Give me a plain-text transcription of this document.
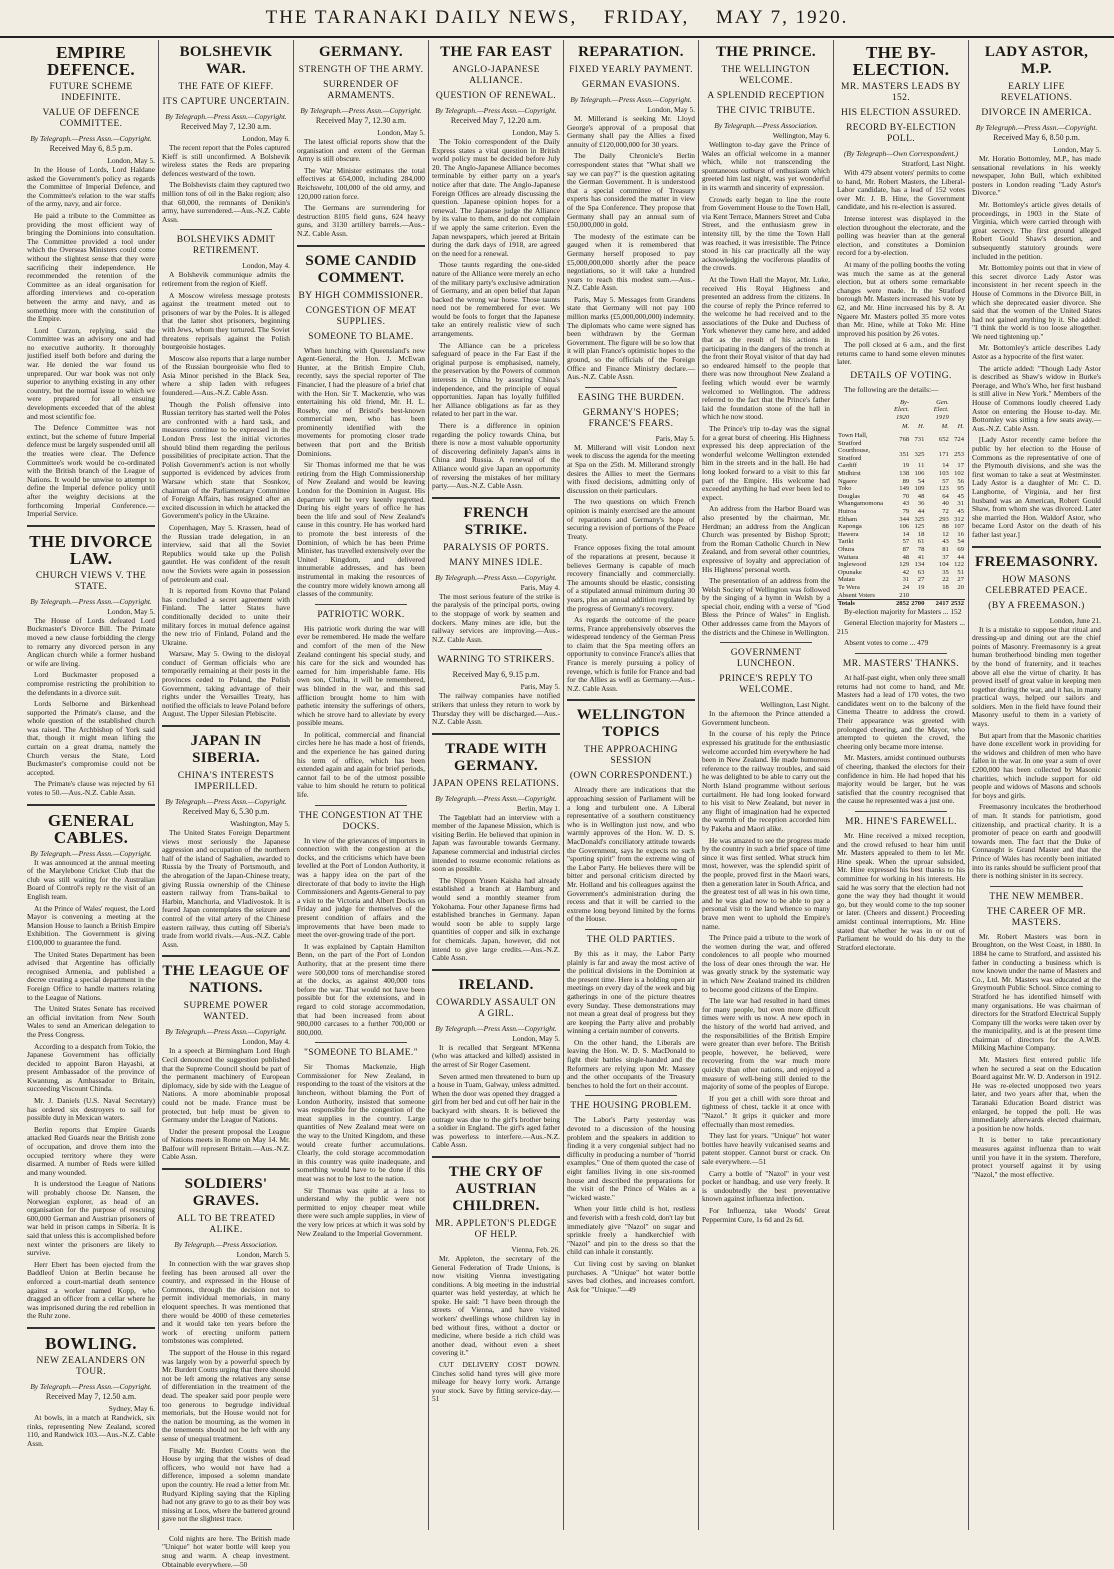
THE TARANAKI DAILY NEWS, FRIDAY, MAY 7, 1920.
EMPIRE DEFENCE.
FUTURE SCHEME INDEFINITE.
VALUE OF DEFENCE COMMITTEE.
By Telegraph.—Press Assn.—Copyright.
Received May 6, 8.5 p.m.
London, May 5.

In the House of Lords, Lord Haldane asked the Government's policy as regards the Committee of Imperial Defence, and the Committee's relation to the war staffs of the army, navy, and air force.

He paid a tribute to the Committee as providing the most efficient way of bringing the Dominions into consultation. The Committee provided a tool under which the Overseas Ministers could come without the slightest sense that they were sacrificing their independence. He recommended the retention of the Committee as an ideal organisation for affording interviews and co-operation between the army and navy, and as something more with the constitution of the Empire.

Lord Curzon, replying, said the Committee was an advisory one and had no executive authority. It thoroughly justified itself both before and during the war. He denied the war found us unprepared. Our war book was not only superior to anything existing in any other country, but the normal issue to which we were prepared for all ensuing developments exceeded that of the ablest and most scientific foe.

The Defence Committee was not extinct, but the scheme of future Imperial defence must be largely suspended until all the treaties were clear. The Defence Committee's work would be co-ordinated with the British branch of the League of Nations. It would be unwise to attempt to define the Imperial defence policy until after the weighty decisions at the forthcoming Imperial Conference.—Imperial Service.

THE DIVORCE LAW.
CHURCH VIEWS V. THE STATE.
By Telegraph.—Press Assn.—Copyright.
London, May 5.

The House of Lords defeated Lord Buckmaster's Divorce Bill. The Primate moved a new clause forbidding the clergy to remarry any divorced person in any Anglican church while a former husband or wife are living.

Lord Buckmaster proposed a compromise restricting the prohibition to the defendants in a divorce suit.

Lords Selborne and Birkenhead supported the Primate's clause, and the whole question of the established church was raised. The Archbishop of York said that, though it might mean lifting the curtain on a great drama, namely the Church versus the State, Lord Buckmaster's compromise could not be accepted.

The Primate's clause was rejected by 61 votes to 50.—Aus.-N.Z. Cable Assn.

GENERAL CABLES.
By Telegraph.—Press Assn.—Copyright.

It was announced at the annual meeting of the Marylebone Cricket Club that the club was still waiting for the Australian Board of Control's reply re the visit of an English team.

At the Prince of Wales' request, the Lord Mayor is convening a meeting at the Mansion House to launch a British Empire Exhibition. The Government is giving £100,000 to guarantee the fund.

The United States Department has been advised that Argentine has officially recognised Armenia, and published a decree creating a special department in the Foreign Office to handle matters relating to the League of Nations.

The United States Senate has received an official invitation from New South Wales to send an American delegation to the Press Congress.

According to a despatch from Tokio, the Japanese Government has officially decided to appoint Baron Hayashi, at present Ambassador of the province of Kwantung, as Ambassador to Britain, succeeding Viscount Chinda.

Mr. J. Daniels (U.S. Naval Secretary) has ordered six destroyers to sail for possible duty in Mexican waters.

Berlin reports that Empire Guards attacked Red Guards near the British zone of occupation, and drove them into the occupied territory where they were disarmed. A number of Reds were killed and many wounded.

It is understood the League of Nations will probably choose Dr. Nansen, the Norwegian explorer, as head of an organisation for the purpose of rescuing 600,000 German and Austrian prisoners of war held in prison camps in Siberia. It is said that unless this is accomplished before next winter the prisoners are likely to survive.

Herr Ebert has been ejected from the Baddleof Union at Berlin because he enforced a court-martial death sentence against a worker named Kopp, who dragged an officer from a cellar where he was imprisoned during the red rebellion in the Ruhr zone.

BOWLING.
NEW ZEALANDERS ON TOUR.
By Telegraph.—Press Assn.—Copyright.
Received May 7, 12.50 a.m.
Sydney, May 6.

At bowls, in a match at Randwick, six rinks, representing New Zealand, scored 110, and Randwick 103.—Aus.-N.Z. Cable Assn.

BOLSHEVIK WAR.
THE FATE OF KIEFF.
ITS CAPTURE UNCERTAIN.
By Telegraph.—Press Assn.—Copyright.
Received May 7, 12.30 a.m.
London, May 6.

The recent report that the Poles captured Kieff is still unconfirmed. A Bolshevik wireless states the Reds are preparing defences westward of the town.

The Bolshevists claim they captured two million tons of oil in the Baku region; also that 60,000, the remnants of Denikin's army, have surrendered.—Aus.-N.Z. Cable Assn.

BOLSHEVIKS ADMIT RETIREMENT.
London, May 4.

A Bolshevik communique admits the retirement from the region of Kieff.

A Moscow wireless message protests against the treatment meted out to prisoners of war by the Poles. It is alleged that the latter shot prisoners, beginning with Jews, whom they tortured. The Soviet threatens reprisals against the Polish bourgeoisie hostages.

Moscow also reports that a large number of the Russian bourgeoisie who fled to Asia Minor perished in the Black Sea, where a ship laden with refugees foundered.—Aus.-N.Z. Cable Assn.

Though the Polish offensive into Russian territory has started well the Poles are confronted with a hard task, and measures continue to be expressed in the London Press lest the initial victories should blind them regarding the perilous possibilities of precipitate action. That the Polish Government's action is not wholly supported is evidenced by advices from Warsaw which state that Sosnkov, chairman of the Parliamentary Committee of Foreign Affairs, has resigned after an excited discussion in which he attacked the Government's policy in the Ukraine.

Copenhagen, May 5. Krassen, head of the Russian trade delegation, in an interview, said that all the Soviet Republics would take up the Polish gauntlet. He was confident of the result now the Soviets were again in possession of petroleum and coal.

It is reported from Kovno that Poland has concluded a secret agreement with Finland. The latter States have conditionally decided to unite their military forces in mutual defence against the new trio of Finland, Poland and the Ukraine.

Warsaw, May 5. Owing to the disloyal conduct of German officials who are temporarily remaining at their posts in the provinces ceded to Poland, the Polish Government, taking advantage of their rights under the Versailles Treaty, has notified the officials to leave Poland before August. The Upper Silesian Plebiscite.

JAPAN IN SIBERIA.
CHINA'S INTERESTS IMPERILLED.
By Telegraph.—Press Assn.—Copyright.
Received May 6, 5.30 p.m.
Washington, May 5.

The United States Foreign Department views most seriously the Japanese aggression and occupation of the northern half of the island of Saghalien, awarded to Russia by the Treaty of Portsmouth, and the abrogation of the Japan-Chinese treaty, giving Russia ownership of the Chinese eastern railway from Trans-baikal to Harbin, Manchuria, and Vladivostok. It is feared Japan contemplates the seizure and control of the vital artery of the Chinese eastern railway, thus cutting off Siberia's trade from world rivals.—Aus.-N.Z. Cable Assn.

THE LEAGUE OF NATIONS.
SUPREME POWER WANTED.
By Telegraph.—Press Assn.—Copyright.
London, May 4.

In a speech at Birmingham Lord Hugh Cecil denounced the suggestion published that the Supreme Council should be part of the permanent machinery of European diplomacy, side by side with the League of Nations. A more abominable proposal could not be made. France must be protected, but help must be given to Germany under the League of Nations.

Under the present proposal the League of Nations meets in Rome on May 14. Mr. Balfour will represent Britain.—Aus.-N.Z. Cable Assn.

SOLDIERS' GRAVES.
ALL TO BE TREATED ALIKE.
By Telegraph.—Press Association.
London, March 5.

In connection with the war graves shop feeling has been aroused all over the country, and expressed in the House of Commons, through the decision not to permit individual memorials, in many eloquent speeches. It was mentioned that there would be 4000 of these cemeteries and it would take ten years before the work of erecting uniform pattern tombstones was completed.

The support of the House in this regard was largely won by a powerful speech by Mr. Burdett Coutts urging that there should not be left among the relatives any sense of differentiation in the treatment of the dead. The speaker said poor people were too generous to begrudge individual memorials, but the House would not for the nation be mourning, as the women in the tenements should not be left with any sense of unequal treatment.

Finally Mr. Burdett Coutts won the House by urging that the wishes of dead officers, who would not have had a difference, imposed a solemn mandate upon the country. He read a letter from Mr. Rudyard Kipling saying that the Kipling had not any grave to go to as their boy was missing at Loos, where the battered ground gave not the slightest trace.

Cold nights are here. The British made "Unique" hot water bottle will keep you snug and warm. A cheap investment. Obtainable everywhere.—50

GERMANY.
STRENGTH OF THE ARMY.
SURRENDER OF ARMAMENTS.
By Telegraph.—Press Assn.—Copyright.
Received May 7, 12.30 a.m.
London, May 5.

The latest official reports show that the organisation and extent of the German Army is still obscure.

The War Minister estimates the total effectives at 654,000, including 284,000 Reichswehr, 100,000 of the old army, and 120,000 ration force.

The Germans are surrendering for destruction 8105 field guns, 624 heavy guns, and 3130 artillery barrels.—Aus.-N.Z. Cable Assn.

SOME CANDID COMMENT.
BY HIGH COMMISSIONER.
CONGESTION OF MEAT SUPPLIES.
SOMEONE TO BLAME.

When lunching with Queensland's new Agent-General, the Hon. J. McEwan Hunter, at the British Empire Club, recently, says the special reporter of The Financier, I had the pleasure of a brief chat with the Hon. Sir T. Mackenzie, who was entertaining his old friend, Mr. H. L. Roseby, one of Bristol's best-known commercial men, who has been prominently identified with the movements for promoting closer trade between that port and the British Dominions.

Sir Thomas informed me that he was retiring from the High Commissionership of New Zealand and would be leaving London for the Dominion in August. His departure will be very keenly regretted. During his eight years of office he has been the life and soul of New Zealand's cause in this country. He has worked hard to promote the best interests of the Dominion, of which he has been Prime Minister, has travelled extensively over the United Kingdom, and delivered innumerable addresses, and has been instrumental in making the resources of the country more widely known among all classes of the community.

PATRIOTIC WORK.

His patriotic work during the war will ever be remembered. He made the welfare and comfort of the men of the New Zealand contingent his special study, and his care for the sick and wounded has earned for him imperishable fame. His own son, Clutha, it will be remembered, was blinded in the war, and this sad affliction brought home to him with pathetic intensity the sufferings of others, which he strove hard to alleviate by every possible means.

In political, commercial and financial circles here he has made a host of friends, and the experience he has gained during his term of office, which has been extended again and again for brief periods, cannot fail to be of the utmost possible value to him should he return to political life.

THE CONGESTION AT THE DOCKS.

In view of the grievances of importers in connection with the congestion at the docks, and the criticisms which have been levelled at the Port of London Authority, it was a happy idea on the part of the directorate of that body to invite the High Commissioners and Agents-General to pay a visit to the Victoria and Albert Docks on Friday and judge for themselves of the present condition of affairs and the improvements that have been made to meet the over-growing trade of the port.

It was explained by Captain Hamilton Benn, on the part of the Port of London Authority, that at the present time there were 500,000 tons of merchandise stored at the docks, as against 400,000 tons before the war. That would not have been possible but for the extensions, and in regard to cold storage accommodation, that had been increased from about 980,000 carcases to a further 700,000 or 800,000.

"SOMEONE TO BLAME."

Sir Thomas Mackenzie, High Commissioner for New Zealand, in responding to the toast of the visitors at the luncheon, without blaming the Port of London Authority, insisted that someone was responsible for the congestion of the meat supplies in the country. Large quantities of New Zealand meat were on the way to the United Kingdom, and these would create further accumulations. Clearly, the cold storage accommodation in this country was quite inadequate, and something would have to be done if this meat was not to be lost to the nation.

Sir Thomas was quite at a loss to understand why the public were not permitted to enjoy cheaper meat while there were such ample supplies, in view of the very low prices at which it was sold by New Zealand to the Imperial Government.

THE FAR EAST
ANGLO-JAPANESE ALLIANCE.
QUESTION OF RENEWAL.
By Telegraph.—Press Assn.—Copyright.
Received May 7, 12.20 a.m.
London, May 5.

The Tokio correspondent of the Daily Express states a vital question in British world policy must be decided before July 20. The Anglo-Japanese Alliance becomes terminable by either party on a year's notice after that date. The Anglo-Japanese Foreign Offices are already discussing the question. Japanese opinion hopes for a renewal. The Japanese judge the Alliance by its value to them, and do not complain if we apply the same criterion. Even the Japan newspapers, which jeered at Britain during the dark days of 1918, are agreed on the need for a renewal.

Those taunts regarding the one-sided nature of the Alliance were merely an echo of the military party's exclusive admiration of Germany, and an open belief that Japan backed the wrong war horse. Those taunts need not be remembered for ever. We would be fools to forget that the Japanese take an entirely realistic view of such arrangements.

The Alliance can be a priceless safeguard of peace in the Far East if the original purpose is emphasised, namely, the preservation by the Powers of common interests in China by assuring China's independence, and the principle of equal opportunities. Japan has loyally fulfilled her Alliance obligations as far as they related to her part in the war.

There is a difference in opinion regarding the policy towards China, but there is now a most valuable opportunity of discovering definitely Japan's aims in China and Russia. A renewal of the Alliance would give Japan an opportunity of reversing the mistakes of her military party.—Aus.-N.Z. Cable Assn.

FRENCH STRIKE.
PARALYSIS OF PORTS.
MANY MINES IDLE.
By Telegraph.—Press Assn.—Copyright.
Paris, May 4.

The most serious feature of the strike is the paralysis of the principal ports, owing to the stoppage of work by seamen and dockers. Many mines are idle, but the railway services are improving.—Aus.-N.Z. Cable Assn.

WARNING TO STRIKERS.
Received May 6, 9.15 p.m.
Paris, May 5.

The railway companies have notified strikers that unless they return to work by Thursday they will be discharged.—Aus.-N.Z. Cable Assn.

TRADE WITH GERMANY.
JAPAN OPENS RELATIONS.
By Telegraph.—Press Assn.—Copyright.
Berlin, May 1.

The Tageblatt had an interview with a member of the Japanese Mission, which is visiting Berlin. He believed that opinion in Japan was favourable towards Germany. Japanese commercial and industrial circles intended to resume economic relations as soon as possible.

The Nippon Yusen Kaisha had already established a branch at Hamburg and would send a monthly steamer from Yokohama. Four other Japanese firms had established branches in Germany. Japan would soon be able to supply large quantities of copper and silk in exchange for chemicals. Japan, however, did not intend to give large credits.—Aus.-N.Z. Cable Assn.

IRELAND.
COWARDLY ASSAULT ON A GIRL.
By Telegraph.—Press Assn.—Copyright.
London, May 5.

It is recalled that Sergeant M'Kenna (who was attacked and killed) assisted in the arrest of Sir Roger Casement.

Seven armed men threatened to burn up a house in Tuam, Galway, unless admitted. When the door was opened they dragged a girl from her bed and cut off her hair in the backyard with shears. It is believed the outrage was due to the girl's brother being a soldier in England. The girl's aged father was powerless to interfere.—Aus.-N.Z. Cable Assn.

THE CRY OF AUSTRIAN CHILDREN.
MR. APPLETON'S PLEDGE OF HELP.
Vienna, Feb. 26.

Mr. Appleton, the secretary of the General Federation of Trade Unions, is now visiting Vienna investigating conditions. A big meeting in the industrial quarter was held yesterday, at which he spoke. He said: "I have been through the streets of Vienna, and have visited workers' dwellings whose children lay in bed without fires, without a doctor or medicine, where beside a rich child was another dead, without even a sheet covering it."

CUT DELIVERY COST DOWN. Cinches solid hand tyres will give more mileage for heavy lorry work. Arrange your stock. Save by fitting service-day.—51

REPARATION.
FIXED YEARLY PAYMENT.
GERMAN EVASIONS.
By Telegraph.—Press Assn.—Copyright.
London, May 5.

M. Millerand is seeking Mr. Lloyd George's approval of a proposal that Germany shall pay the Allies a fixed annuity of £120,000,000 for 30 years.

The Daily Chronicle's Berlin correspondent states that "What shall we say we can pay?" is the question agitating the German Government. It is understood that a special committee of Treasury experts has considered the matter in view of the Spa Conference. They propose that Germany shall pay an annual sum of £50,000,000 in gold.

The modesty of the estimate can be gauged when it is remembered that Germany herself proposed to pay £5,000,000,000 shortly after the peace negotiations, so it will take a hundred years to reach this modest sum.—Aus.-N.Z. Cable Assn.

Paris, May 5. Messages from Grandens state that Germany will not pay 100 million marks (£5,000,000,000) indemnity. The diplomats who came were signed has been withdrawn by the German Government. The figure will be so low that it will plan France's optimistic hopes to the ground, so the officials of the Foreign Office and Finance Ministry declare.—Aus.-N.Z. Cable Assn.

EASING THE BURDEN.
GERMANY'S HOPES; FRANCE'S FEARS.
Paris, May 5.

M. Millerand will visit London next week to discuss the agenda for the meeting at Spa on the 25th. M. Millerand strongly desires the Allies to meet the Germans with fixed decisions, admitting only of discussion on their particulars.

The two questions on which French opinion is mainly exercised are the amount of reparations and Germany's hope of securing a revision of portions of the Peace Treaty.

France opposes fixing the total amount of the reparations at present, because it believes Germany is capable of much recovery financially and commercially. The amounts should be elastic, consisting of a stipulated annual minimum during 30 years, plus an annual addition regulated by the progress of Germany's recovery.

As regards the outcome of the peace terms, France apprehensively observes the widespread tendency of the German Press to claim that the Spa meeting offers an opportunity to convince France's allies that France is merely pursuing a policy of revenge, which is futile for France and bad for the Allies as well as Germany.—Aus.-N.Z. Cable Assn.

WELLINGTON TOPICS
THE APPROACHING SESSION
(OWN CORRESPONDENT.)

Already there are indications that the approaching session of Parliament will be a long and turbulent one. A Liberal representative of a southern constituency who is in Wellington just now, and who warmly approves of the Hon. W. D. S. MacDonald's conciliatory attitude towards the Government, says he expects no such "sporting spirit" from the extreme wing of the Labor Party. He believes there will be bitter and personal criticism directed by Mr. Holland and his colleagues against the Government's administration during the recess and that it will be carried to the extreme long beyond limited by the forms of the House.

THE OLD PARTIES.

By this as it may, the Labor Party plainly is far and away the most active of the political divisions in the Dominion at the present time. Here is a holding open air meetings on every day of the week and big gatherings in one of the picture theatres every Sunday. These demonstrations may not mean a great deal of progress but they are keeping the Party alive and probably winning a certain number of converts.

On the other hand, the Liberals are leaving the Hon. W. D. S. MacDonald to fight their battles single-handed and the Reformers are relying upon Mr. Massey and the other occupants of the Treasury benches to hold the fort on their account.

THE HOUSING PROBLEM.

The Labor's Party yesterday was devoted to a discussion of the housing problem and the speakers in addition to finding it a very congenial subject had no difficulty in producing a number of "horrid examples." One of them quoted the case of eight families living in one six-roomed house and described the preparations for the visit of the Prince of Wales as a "wicked waste."

When your little child is hot, restless and feverish with a fresh cold, don't lay but immediately give "Nazol" on sugar and sprinkle freely a handkerchief with "Nazol" and pin to the dress so that the child can inhale it constantly.

Cut living cost by saving on blanket purchases. A "Unique" hot water bottle saves bad clothes, and increases comfort. Ask for "Unique."—49

THE PRINCE.
THE WELLINGTON WELCOME.
A SPLENDID RECEPTION
THE CIVIC TRIBUTE.
By Telegraph.—Press Association.
Wellington, May 6.

Wellington to-day gave the Prince of Wales an official welcome in a manner which, while not transcending the spontaneous outburst of enthusiasm which greeted him last night, was yet wonderful in its warmth and sincerity of expression.

Crowds early began to line the route from Government House to the Town Hall, via Kent Terrace, Manners Street and Cuba Street, and the enthusiasm grew in intensity till, by the time the Town Hall was reached, it was irresistible. The Prince stood in his car practically all the way acknowledging the vociferous plaudits of the crowds.

At the Town Hall the Mayor, Mr. Luke, received His Royal Highness and presented an address from the citizens. In the course of reply the Prince referred to the welcome he had received and to the associations of the Duke and Duchess of York whenever they came here, and added that as the result of his actions in participating in the dangers of the trench at the front their Royal visitor of that day had so endeared himself to the people that there was now throughout New Zealand a feeling which would ever be warmly welcomed to Wellington. The address referred to the fact that the Prince's father laid the foundation stone of the hall in which he now stood.

The Prince's trip to-day was the signal for a great burst of cheering. His Highness expressed his deep appreciation of the wonderful welcome Wellington extended him in the streets and in the hall. He had long looked forward to a visit to this far part of the Empire. His welcome had exceeded anything he had ever been led to expect.

An address from the Harbor Board was also presented by the chairman, Mr. Herdman; an address from the Anglican Church was presented by Bishop Sprott; from the Roman Catholic Church in New Zealand, and from several other countries, expressive of loyalty and appreciation of His Highness' personal worth.

The presentation of an address from the Welsh Society of Wellington was followed by the singing of a hymn in Welsh by a special choir, ending with a verse of "God Bless the Prince of Wales" in English. Other addresses came from the Mayors of the districts and the Chinese in Wellington.

GOVERNMENT LUNCHEON.
PRINCE'S REPLY TO WELCOME.
Wellington, Last Night.

In the afternoon the Prince attended a Government luncheon.

In the course of his reply the Prince expressed his gratitude for the enthusiastic welcome accorded him everywhere he had been in New Zealand. He made humorous reference to the railway troubles, and said he was delighted to be able to carry out the North Island programme without serious curtailment. He had long looked forward to his visit to New Zealand, but never in any flight of imagination had he expected the warmth of the reception accorded him by Pakeha and Maori alike.

He was amazed to see the progress made by the country in such a brief space of time since it was first settled. What struck him most, however, was the splendid spirit of the people, proved first in the Maori wars, then a generation later in South Africa, and the greatest test of all was in his own time, and he was glad now to be able to pay a personal visit to the land whence so many brave men went to uphold the Empire's name.

The Prince paid a tribute to the work of the women during the war, and offered condolences to all people who mourned the loss of dear ones through the war. He was greatly struck by the systematic way in which New Zealand trained its children to become good citizens of the Empire.

The late war had resulted in hard times for many people, but even more difficult times were with us now. A new epoch in the history of the world had arrived, and the responsibilities of the British Empire were greater than ever before. The British people, however, he believed, were recovering from the war much more quickly than other nations, and enjoyed a measure of well-being still denied to the majority of some of the peoples of Europe.

If you get a chill with sore throat and tightness of chest, tackle it at once with "Nazol." It grips it quicker and more effectually than most remedies.

They last for years. "Unique" hot water bottles have heavily vulcanised seams and patent stopper. Cannot burst or crack. On sale everywhere.—51

Carry a bottle of "Nazol" in your vest pocket or handbag, and use very freely. It is undoubtedly the best preventative known against influenza infection.

For Influenza, take Woods' Great Peppermint Cure, 1s 6d and 2s 6d.

THE BY-ELECTION.
MR. MASTERS LEADS BY 152.
HIS ELECTION ASSURED.
RECORD BY-ELECTION POLL.
(By Telegraph—Own Correspondent.)
Stratford, Last Night.

With 479 absent voters' permits to come to hand, Mr. Robert Masters, the Liberal-Labor candidate, has a lead of 152 votes over Mr. J. B. Hine, the Government candidate, and his re-election is assured.

Intense interest was displayed in the election throughout the electorate, and the polling was heavier than at the general election, and constitutes a Dominion record for a by-election.

At many of the polling booths the voting was much the same as at the general election, but at others some remarkable changes were made. In the Stratford borough Mr. Masters increased his vote by 62, and Mr. Hine increased his by 8. At Ngaere Mr. Masters polled 35 more votes than Mr. Hine, while at Toko Mr. Hine improved his position by 26 votes.

The poll closed at 6 a.m., and the first returns came to hand some eleven minutes later.

DETAILS OF VOTING.

The following are the details:—

	By-Elect. 1920		Gen. Elect. 1919	
	M.	H.	M.	H.
Town Hall, Stratford	768	731	652	724
Courthouse, Stratford	351	325	171	253
Cardiff	19	11	14	17
Midhirst	138	106	103	102
Ngaere	89	54	57	56
Toko	149	109	123	95
Douglas	70	48	64	45
Whangamomona	43	36	40	31
Huiroa	79	44	72	45
Eltham	344	325	293	312
Kaponga	106	125	88	107
Hawera	14	18	12	16
Tariki	57	61	43	54
Ohura	87	78	81	69
Waitara	48	41	37	44
Inglewood	129	134	104	122
Opunake	42	63	35	51
Matau	31	27	22	27
Te Wera	24	19	18	20
Absent Voters	210			
Totals	2852	2700	2417	2532

By-election majority for Masters ... 152

General Election majority for Masters ... 215

Absent votes to come ... 479

MR. MASTERS' THANKS.

At half-past eight, when only three small returns had not come to hand, and Mr. Masters had a lead of 170 votes, the two candidates went on to the balcony of the Cinema Theatre to address the crowd. Their appearance was greeted with prolonged cheering, and the Mayor, who attempted to quieten the crowd, the cheering only became more intense.

Mr. Masters, amidst continued outbursts of cheering, thanked the electors for their confidence in him. He had hoped that his majority would be larger, but he was satisfied that the country recognised that the cause he represented was a just one.

MR. HINE'S FAREWELL.

Mr. Hine received a mixed reception, and the crowd refused to hear him until Mr. Masters appealed to them to let Mr. Hine speak. When the uproar subsided, Mr. Hine expressed his best thanks to his committee for working in his interests. He said he was sorry that the election had not gone the way they had thought it would go, but they would come to the top sooner or later. (Cheers and dissent.) Proceeding amidst continual interruptions, Mr. Hine stated that whether he was in or out of Parliament he would do his duty to the Stratford electorate.

LADY ASTOR, M.P.
EARLY LIFE REVELATIONS.
DIVORCE IN AMERICA.
By Telegraph.—Press Assn.—Copyright.
Received May 6, 8.50 p.m.
London, May 5.

Mr. Horatio Bottomley, M.P., has made sensational revelations in his weekly newspaper, John Bull, which exhibited posters in London reading "Lady Astor's Divorce."

Mr. Bottomley's article gives details of proceedings, in 1903 in the State of Virginia, which were carried through with great secrecy. The first ground alleged Robert Gould Shaw's desertion, and subsequently statutory grounds were included in the petition.

Mr. Bottomley points out that in view of this secret divorce Lady Astor was inconsistent in her recent speech in the House of Commons in the Divorce Bill, in which she deprecated easier divorce. She said that the women of the United States had not gained anything by it. She added: "I think the world is too loose altogether. We need tightening up."

Mr. Bottomley's article describes Lady Astor as a hypocrite of the first water.

The article added: "Though Lady Astor is described as Shaw's widow in Burke's Peerage, and Who's Who, her first husband is still alive in New York." Members of the House of Commons loudly cheered Lady Astor on entering the House to-day. Mr. Bottomley was sitting a few seats away.—Aus.-N.Z. Cable Assn.

[Lady Astor recently came before the public by her election to the House of Commons as the representative of one of the Plymouth divisions, and she was the first woman to take a seat at Westminster. Lady Astor is a daughter of Mr. C. D. Langhorne, of Virginia, and her first husband was an American, Robert Gould Shaw, from whom she was divorced. Later she married the Hon. Waldorf Astor, who became Lord Astor on the death of his father last year.]

FREEMASONRY.
HOW MASONS CELEBRATED PEACE.
(BY A FREEMASON.)
London, June 21.

It is a mistake to suppose that ritual and dressing-up and dining out are the chief points of Masonry. Freemasonry is a great human brotherhood binding men together by the bond of fraternity, and it teaches above all else the virtue of charity. It has proved itself of great value in keeping men together during the war, and it has, in many practical ways, helped our sailors and soldiers. Men in the field have found their Masonry useful to them in a variety of ways.

But apart from that the Masonic charities have done excellent work in providing for the widows and children of men who have fallen in the war. In one year a sum of over £200,000 has been collected by Masonic charities, which include support for old people and widows of Masons and schools for boys and girls.

Freemasonry inculcates the brotherhood of man. It stands for patriotism, good citizenship, and practical charity. It is a promoter of peace on earth and goodwill towards men. The fact that the Duke of Connaught is Grand Master and that the Prince of Wales has recently been initiated into its ranks should be sufficient proof that there is nothing sinister in its secrecy.

THE NEW MEMBER.
THE CAREER OF MR. MASTERS.

Mr. Robert Masters was born in Broughton, on the West Coast, in 1880. In 1884 he came to Stratford, and assisted his father in conducting a business which is now known under the name of Masters and Co., Ltd. Mr. Masters was educated at the Greymouth Public School. Since coming to Stratford he has identified himself with many organisations. He was chairman of directors for the Stratford Electrical Supply Company till the works were taken over by the municipality, and is at the present time chairman of directors for the A.W.B. Milking Machine Company.

Mr. Masters first entered public life when he secured a seat on the Education Board against Mr. W. D. Anderson in 1912. He was re-elected unopposed two years later, and two years after that, when the Taranaki Education Board district was enlarged, he topped the poll. He was immediately afterwards elected chairman, a position he now holds.

It is better to take precautionary measures against influenza than to wait until you have it in the system. Therefore, protect yourself against it by using "Nazol," the most effective.
